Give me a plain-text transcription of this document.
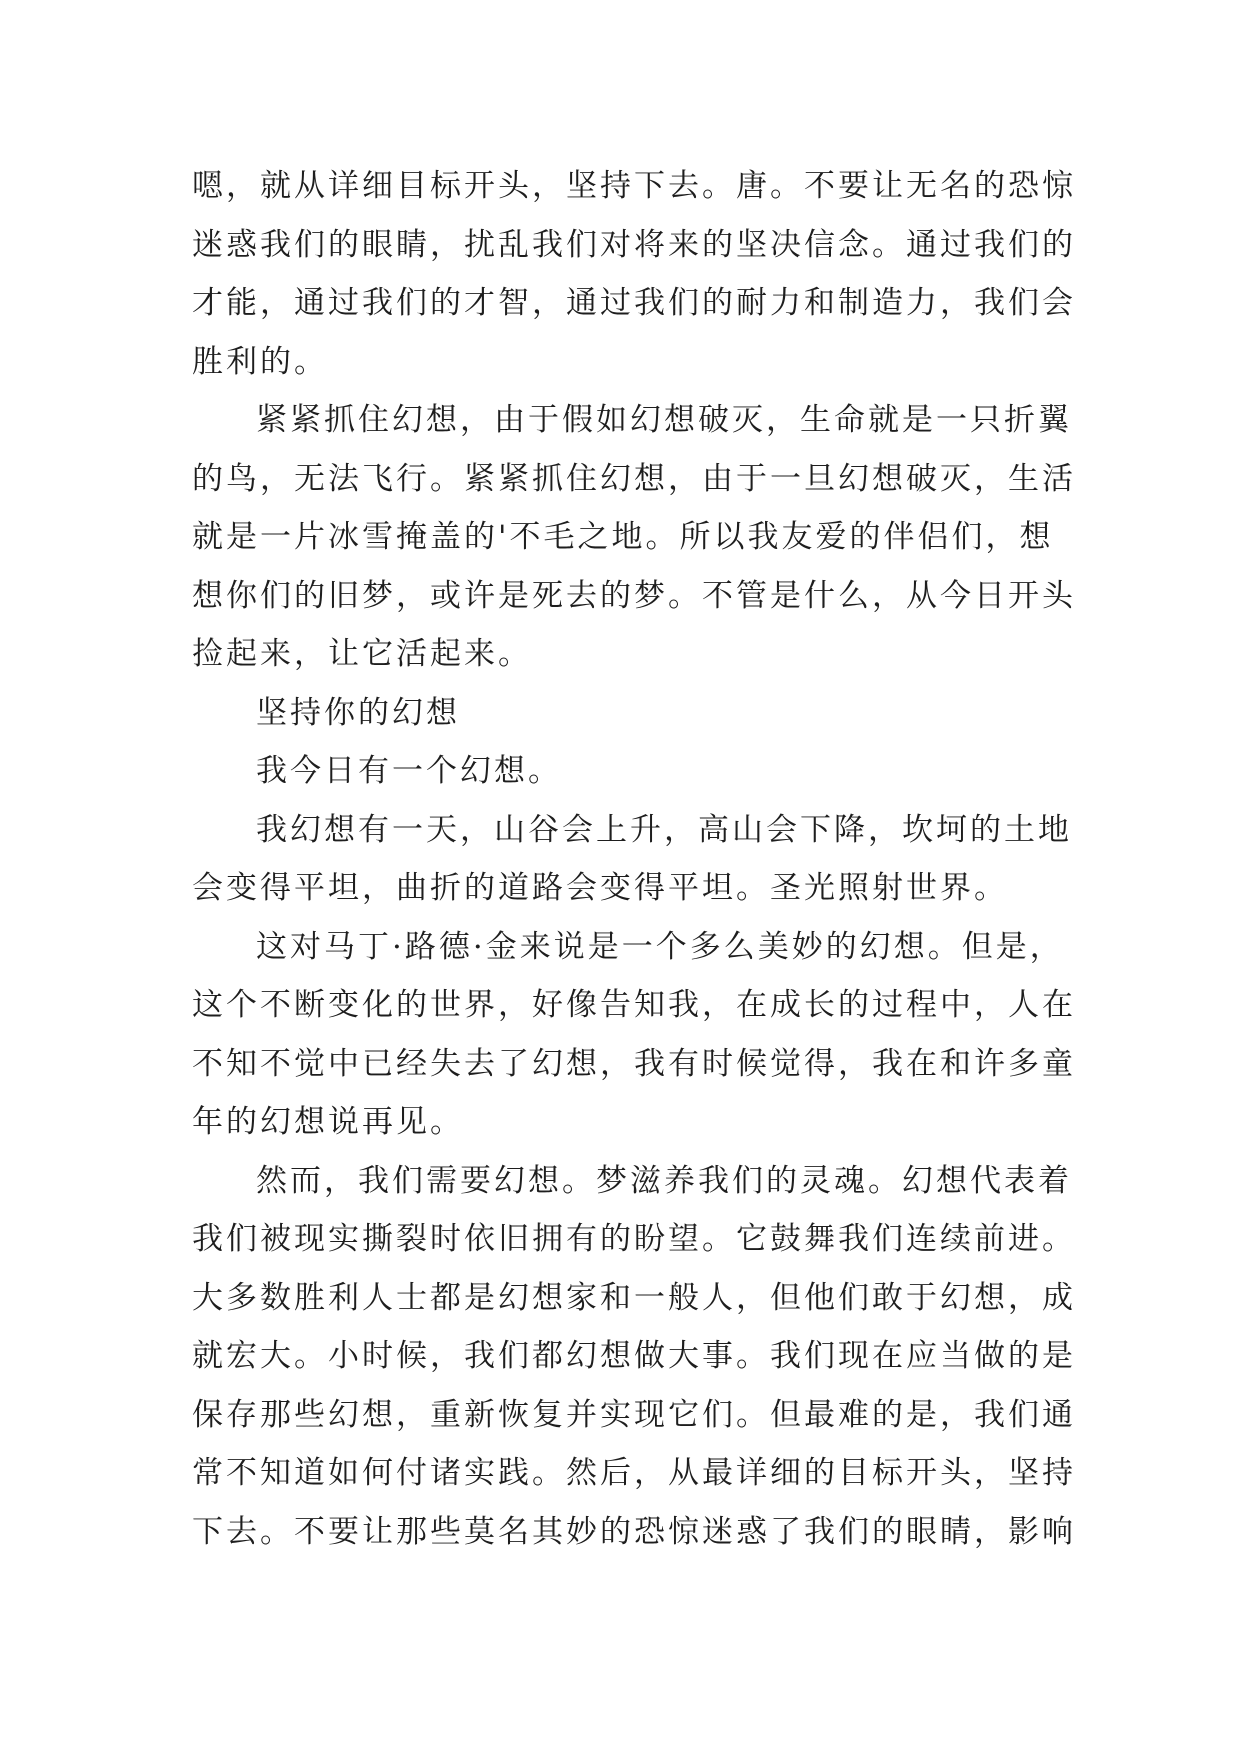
嗯，就从详细目标开头，坚持下去。唐。不要让无名的恐惊
迷惑我们的眼睛，扰乱我们对将来的坚决信念。通过我们的
才能，通过我们的才智，通过我们的耐力和制造力，我们会
胜利的。
紧紧抓住幻想，由于假如幻想破灭，生命就是一只折翼
的鸟，无法飞行。紧紧抓住幻想，由于一旦幻想破灭，生活
就是一片冰雪掩盖的'不毛之地。所以我友爱的伴侣们，想
想你们的旧梦，或许是死去的梦。不管是什么，从今日开头
捡起来，让它活起来。
坚持你的幻想
我今日有一个幻想。
我幻想有一天，山谷会上升，高山会下降，坎坷的土地
会变得平坦，曲折的道路会变得平坦。圣光照射世界。
这对马丁·路德·金来说是一个多么美妙的幻想。但是，
这个不断变化的世界，好像告知我，在成长的过程中，人在
不知不觉中已经失去了幻想，我有时候觉得，我在和许多童
年的幻想说再见。
然而，我们需要幻想。梦滋养我们的灵魂。幻想代表着
我们被现实撕裂时依旧拥有的盼望。它鼓舞我们连续前进。
大多数胜利人士都是幻想家和一般人，但他们敢于幻想，成
就宏大。小时候，我们都幻想做大事。我们现在应当做的是
保存那些幻想，重新恢复并实现它们。但最难的是，我们通
常不知道如何付诸实践。然后，从最详细的目标开头，坚持
下去。不要让那些莫名其妙的恐惊迷惑了我们的眼睛，影响
